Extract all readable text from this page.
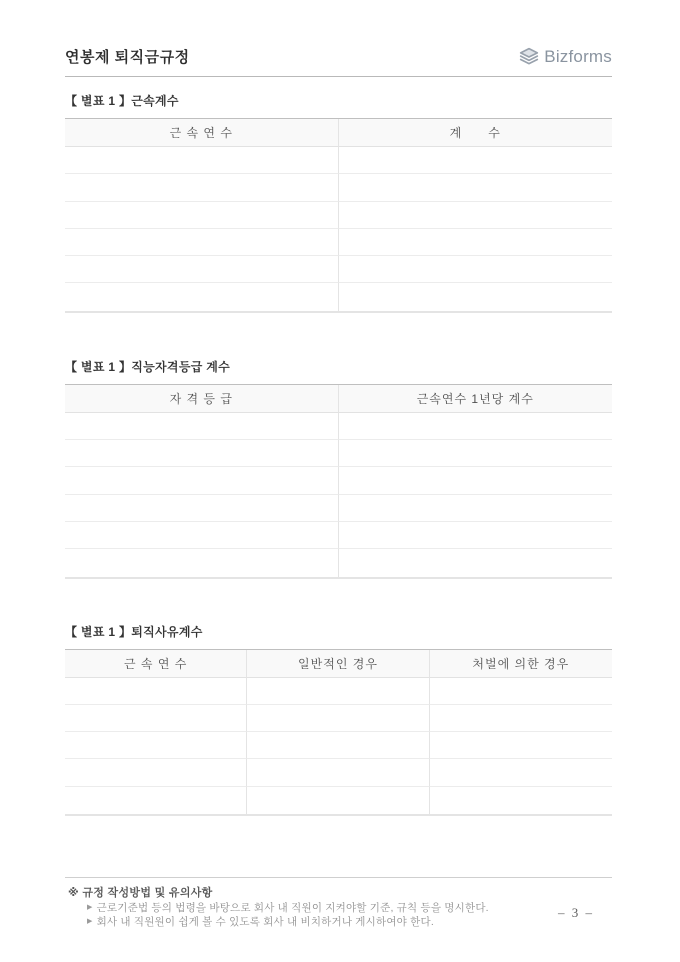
연봉제 퇴직금규정	Bizforms
【 별표 1 】근속계수
근 속 연 수	계      수
【 별표 1 】직능자격등급 계수
자 격 등 급	근속연수 1년당 계수
【 별표 1 】퇴직사유계수
근 속 연 수	일반적인 경우	처벌에 의한 경우
※ 규정 작성방법 및 유의사항
▶ 근로기준법 등의 법령을 바탕으로 회사 내 직원이 지켜야할 기준, 규칙 등을 명시한다.
▶ 회사 내 직원원이 쉽게 볼 수 있도록 회사 내 비치하거나 게시하여야 한다.
– 3 –
